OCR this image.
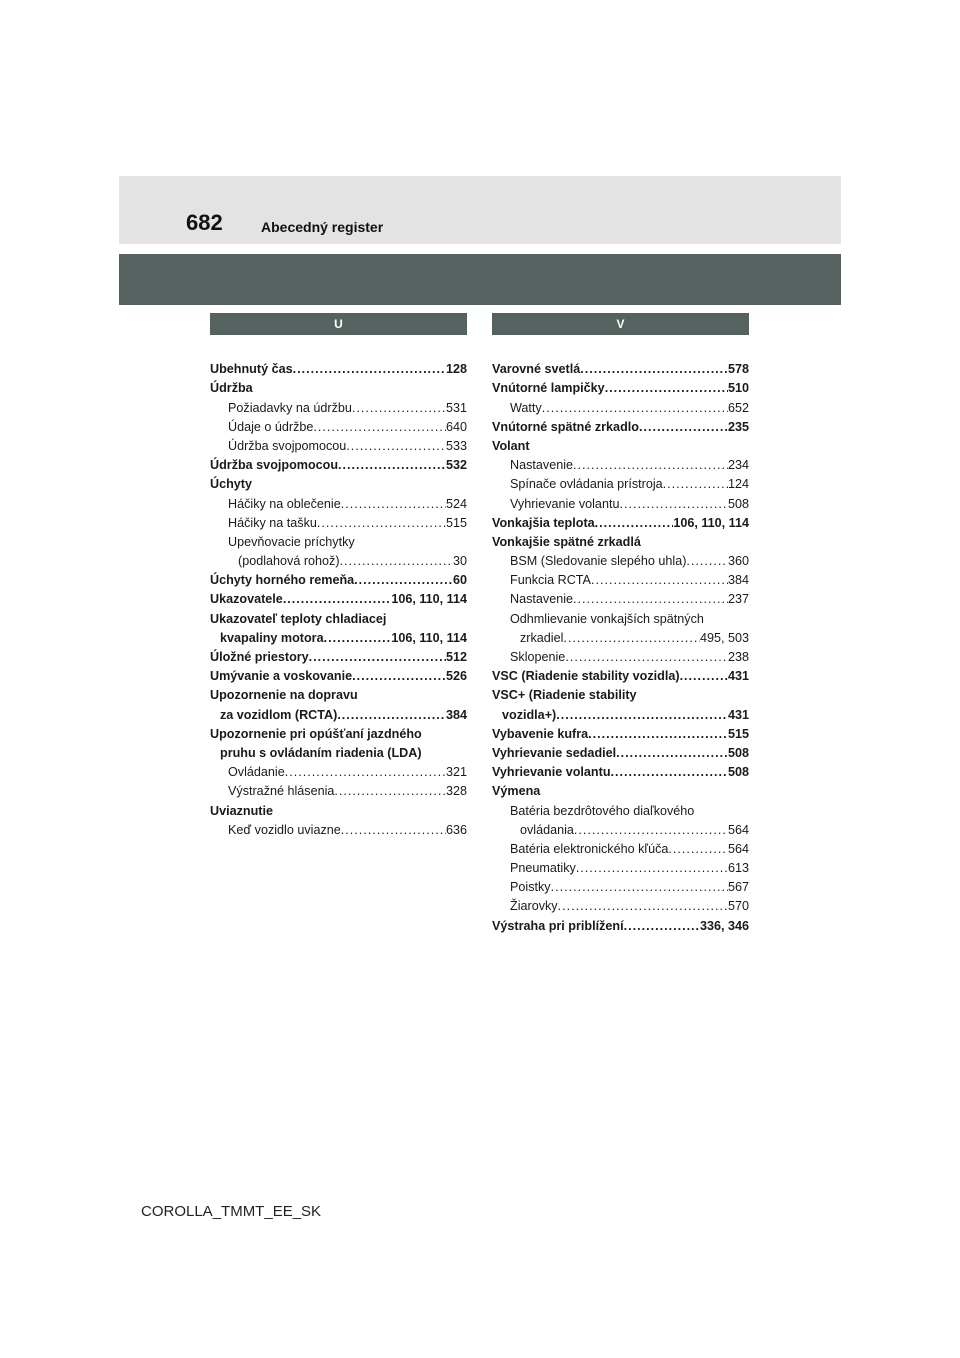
682	Abecedný register
U
Ubehnutý čas .....	128
Údržba
Požiadavky na údržbu .....	531
Údaje o údržbe .....	640
Údržba svojpomocou .....	533
Údržba svojpomocou .....	532
Úchyty
Háčiky na oblečenie .....	524
Háčiky na tašku .....	515
Upevňovacie príchytky
(podlahová rohož) .....	30
Úchyty horného remeňa .....	60
Ukazovatele .....	106, 110, 114
Ukazovateľ teploty chladiacej
kvapaliny motora .....	106, 110, 114
Úložné priestory .....	512
Umývanie a voskovanie .....	526
Upozornenie na dopravu
za vozidlom (RCTA) .....	384
Upozornenie pri opúšťaní jazdného
pruhu s ovládaním riadenia (LDA)
Ovládanie .....	321
Výstražné hlásenia .....	328
Uviaznutie
Keď vozidlo uviazne .....	636
V
Varovné svetlá .....	578
Vnútorné lampičky .....	510
Watty .....	652
Vnútorné spätné zrkadlo .....	235
Volant
Nastavenie .....	234
Spínače ovládania prístroja .....	124
Vyhrievanie volantu .....	508
Vonkajšia teplota .....	106, 110, 114
Vonkajšie spätné zrkadlá
BSM (Sledovanie slepého uhla) .....	360
Funkcia RCTA .....	384
Nastavenie .....	237
Odhmlievanie vonkajších spätných
zrkadiel .....	495, 503
Sklopenie .....	238
VSC (Riadenie stability vozidla) .....	431
VSC+ (Riadenie stability
vozidla+) .....	431
Vybavenie kufra .....	515
Vyhrievanie sedadiel .....	508
Vyhrievanie volantu .....	508
Výmena
Batéria bezdrôtového diaľkového
ovládania .....	564
Batéria elektronického kľúča .....	564
Pneumatiky .....	613
Poistky .....	567
Žiarovky .....	570
Výstraha pri priblížení .....	336, 346
COROLLA_TMMT_EE_SK
